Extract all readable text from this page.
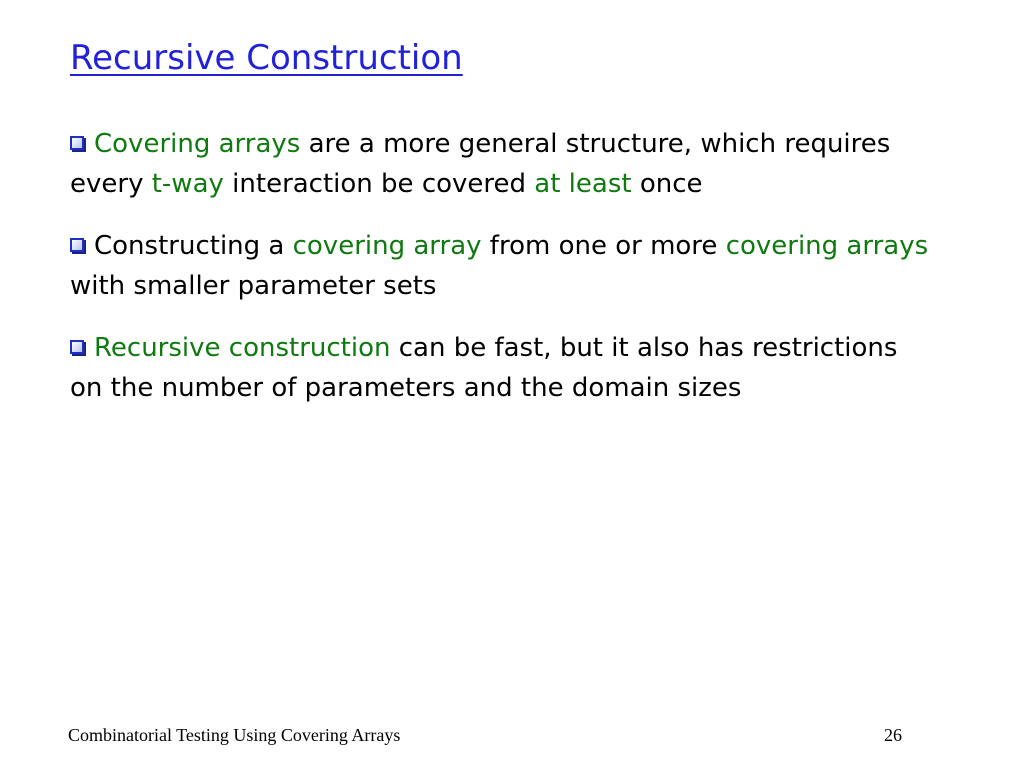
Recursive Construction
Covering arrays are a more general structure, which requires every t-way interaction be covered at least once
Constructing a covering array from one or more covering arrays with smaller parameter sets
Recursive construction can be fast, but it also has restrictions on the number of parameters and the domain sizes
Combinatorial Testing Using Covering Arrays	26
